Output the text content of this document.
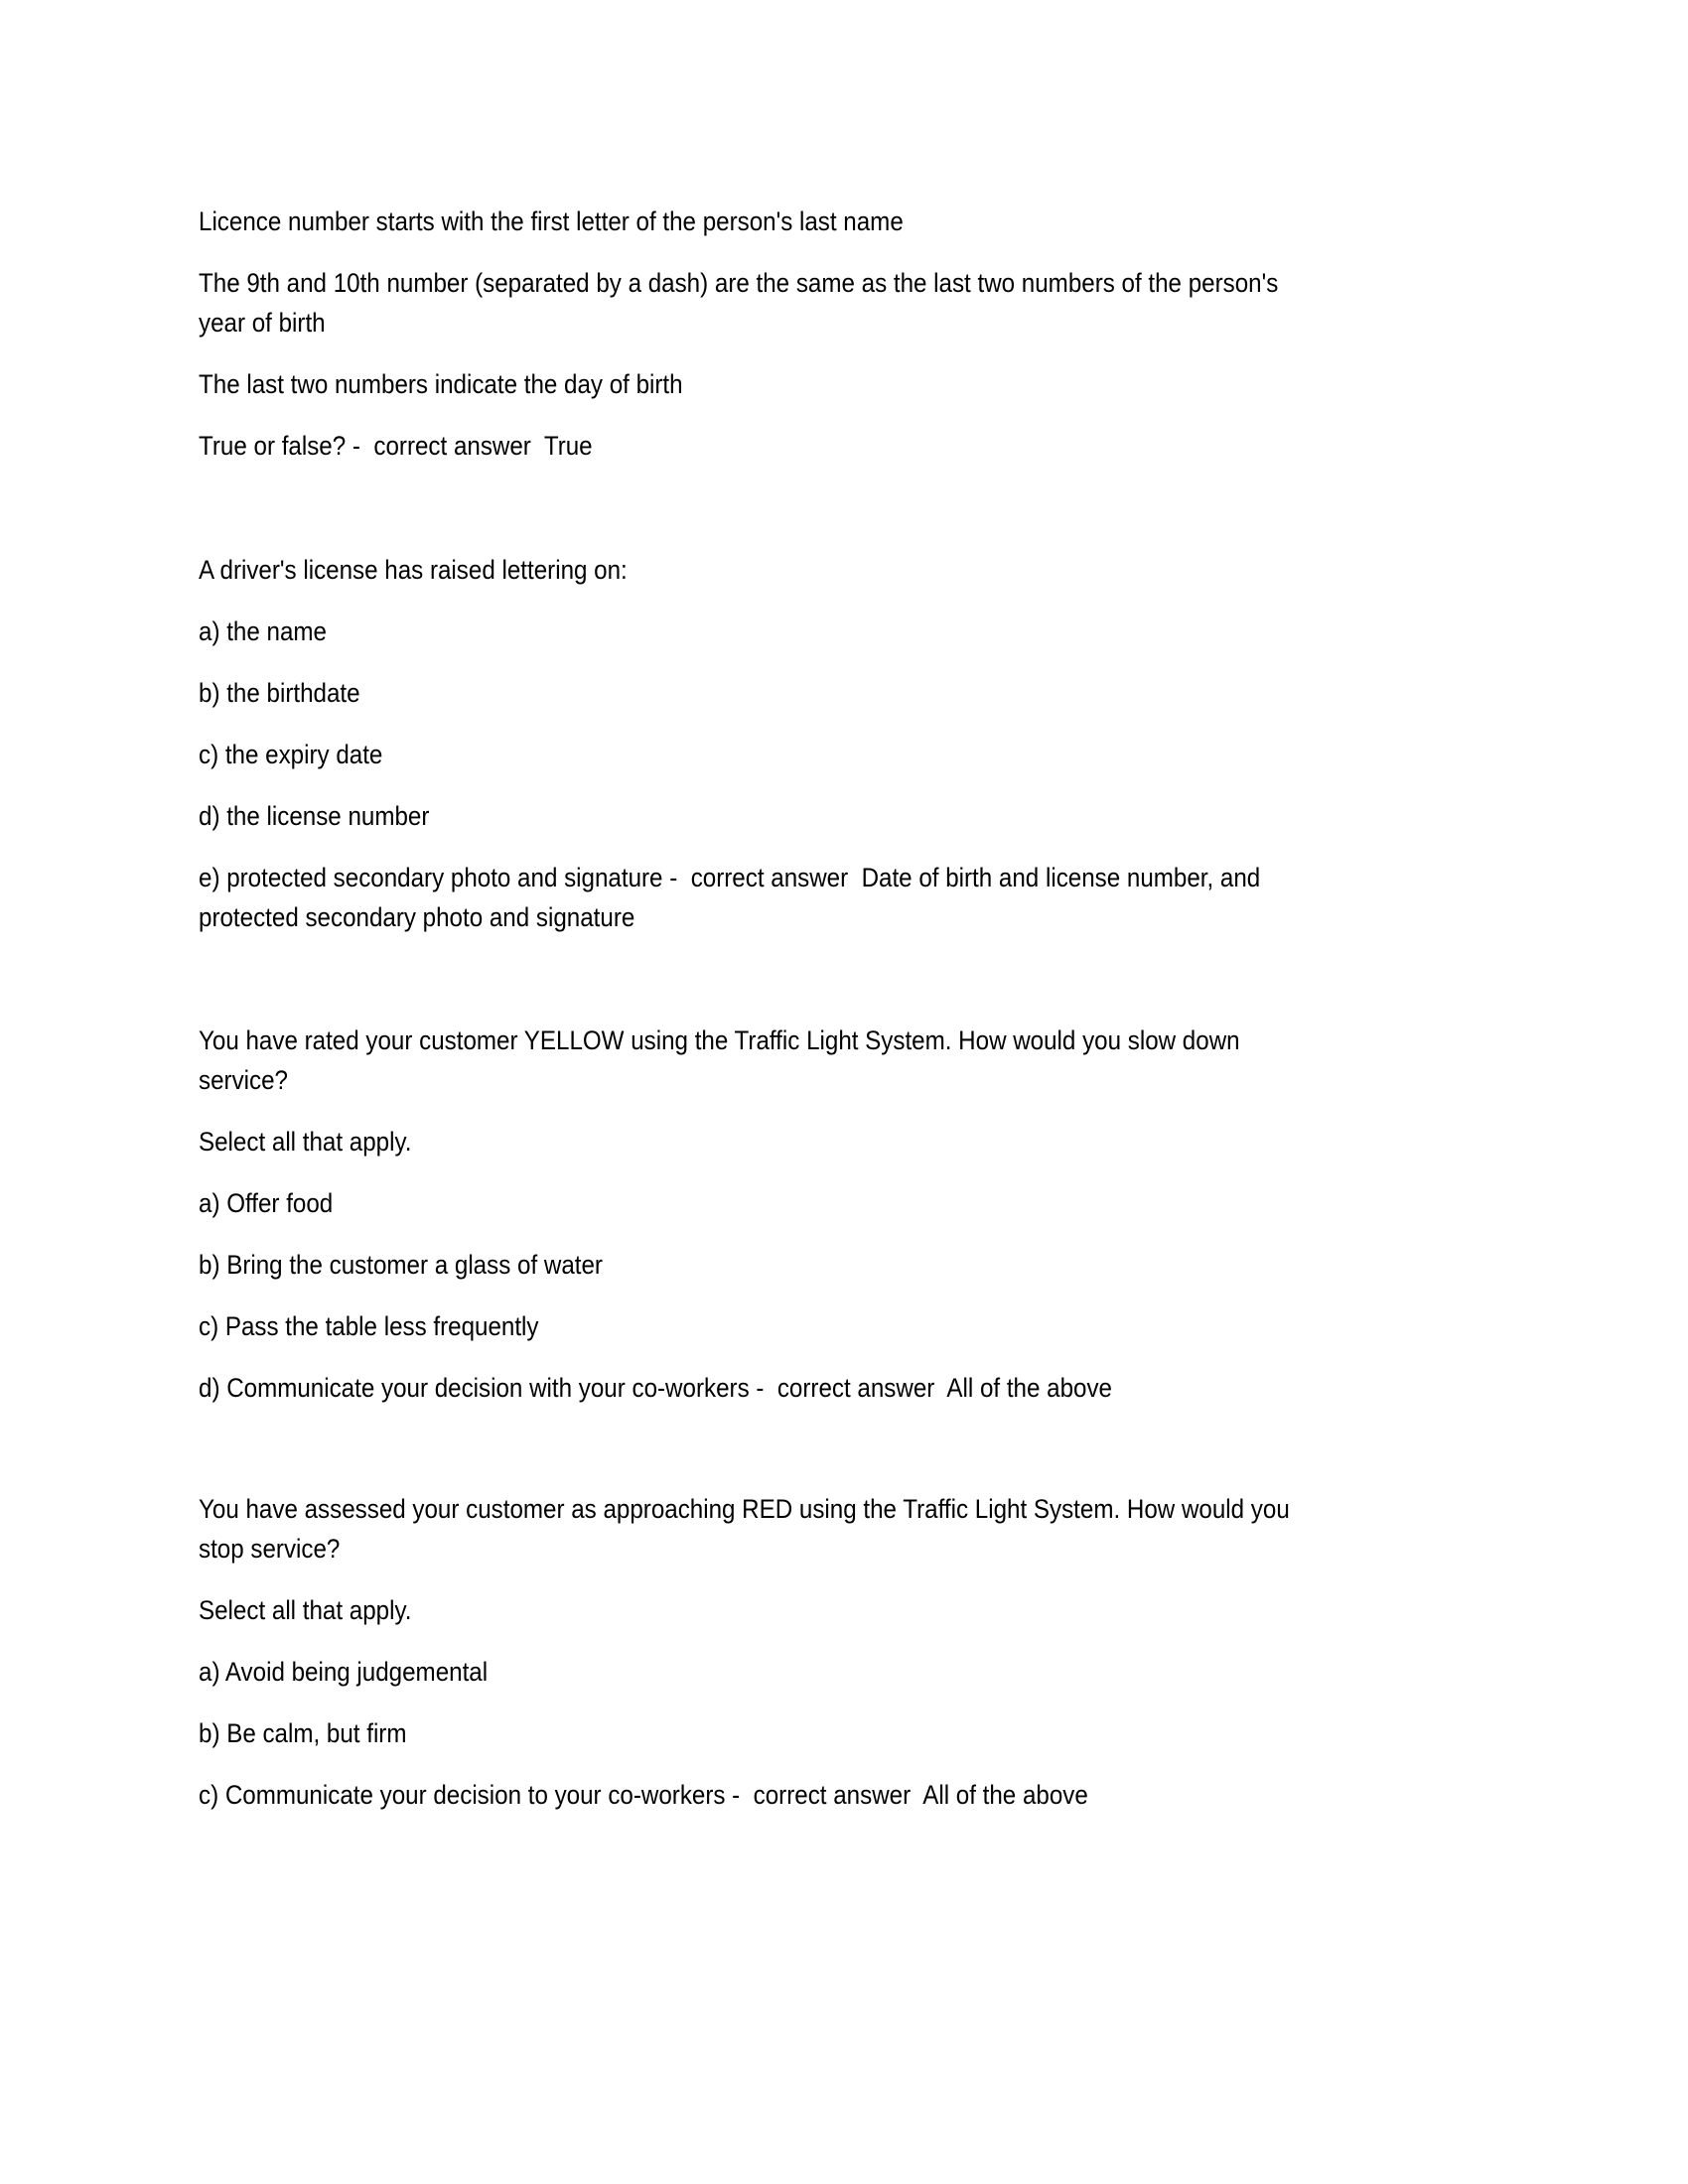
Licence number starts with the first letter of the person's last name
The 9th and 10th number (separated by a dash) are the same as the last two numbers of the person's
year of birth
The last two numbers indicate the day of birth
True or false? -  correct answer  True
A driver's license has raised lettering on:
a) the name
b) the birthdate
c) the expiry date
d) the license number
e) protected secondary photo and signature -  correct answer  Date of birth and license number, and
protected secondary photo and signature
You have rated your customer YELLOW using the Traffic Light System. How would you slow down
service?
Select all that apply.
a) Offer food
b) Bring the customer a glass of water
c) Pass the table less frequently
d) Communicate your decision with your co-workers -  correct answer  All of the above
You have assessed your customer as approaching RED using the Traffic Light System. How would you
stop service?
Select all that apply.
a) Avoid being judgemental
b) Be calm, but firm
c) Communicate your decision to your co-workers -  correct answer  All of the above
